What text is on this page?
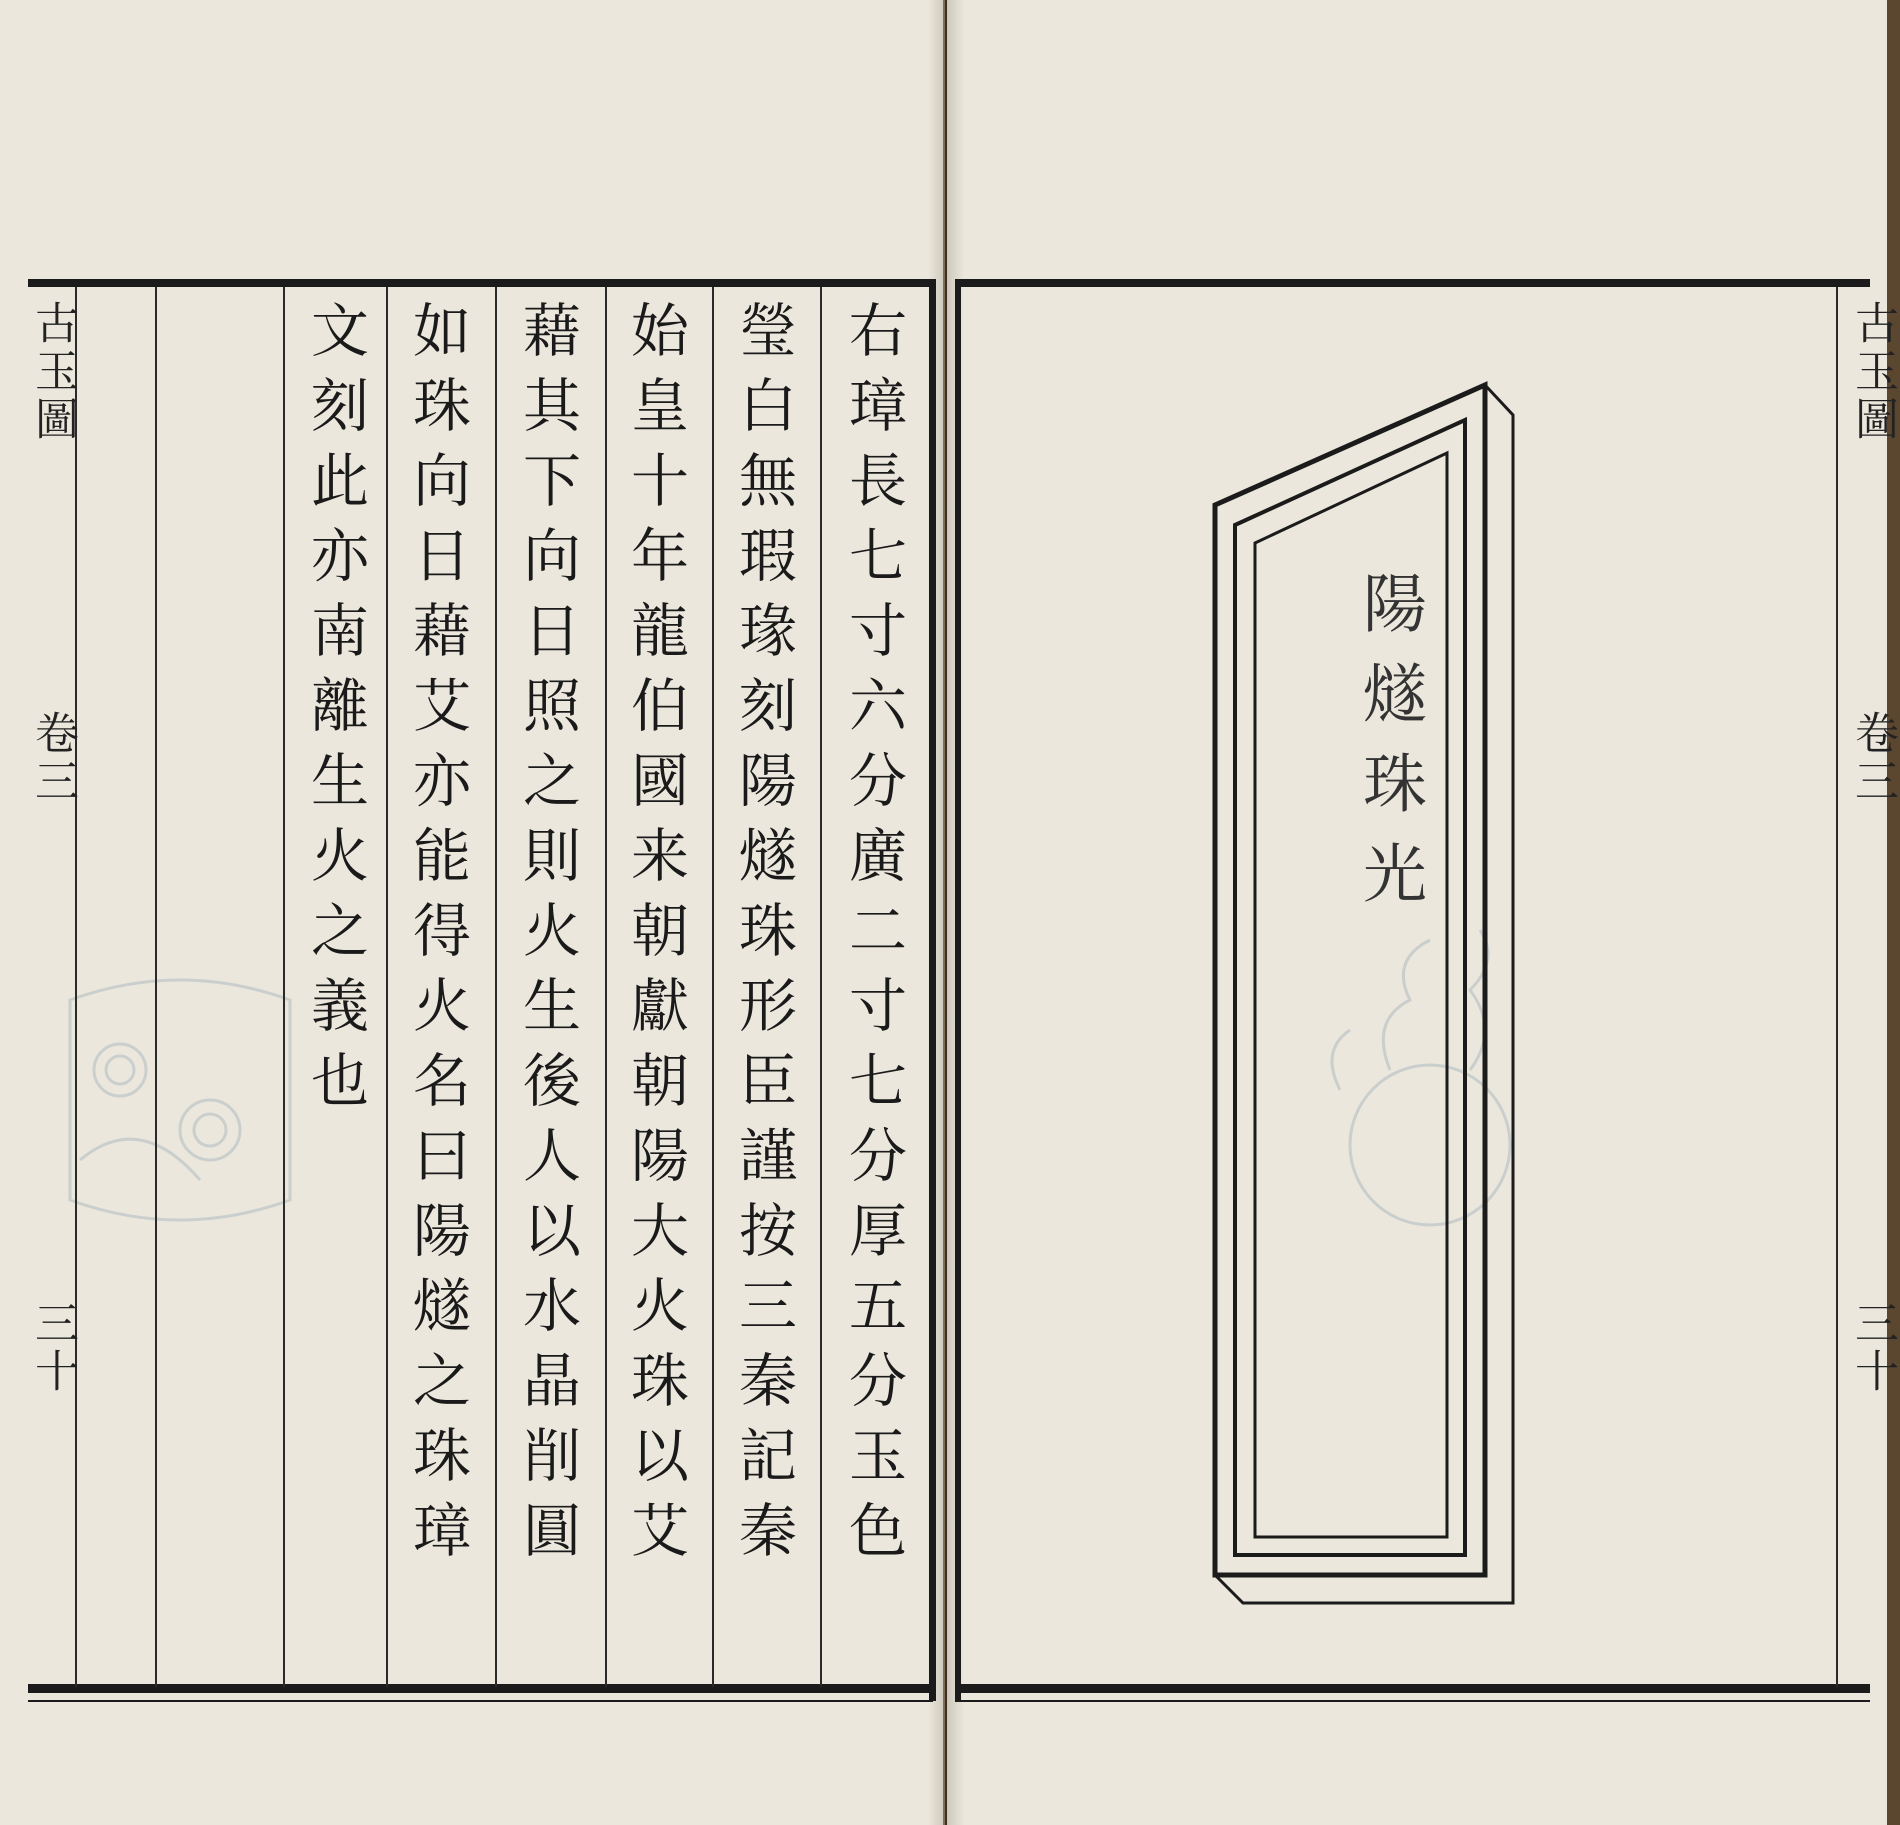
右璋長七寸六分廣二寸七分厚五分玉色
瑩白無瑕瑑刻陽燧珠形臣謹按三秦記秦
始皇十年龍伯國来朝獻朝陽大火珠以艾
藉其下向日照之則火生後人以水晶削圓
如珠向日藉艾亦能得火名曰陽燧之珠璋
文刻此亦南離生火之義也
古玉圖
卷三
三十
陽燧珠光
古玉圖
卷三
三十
